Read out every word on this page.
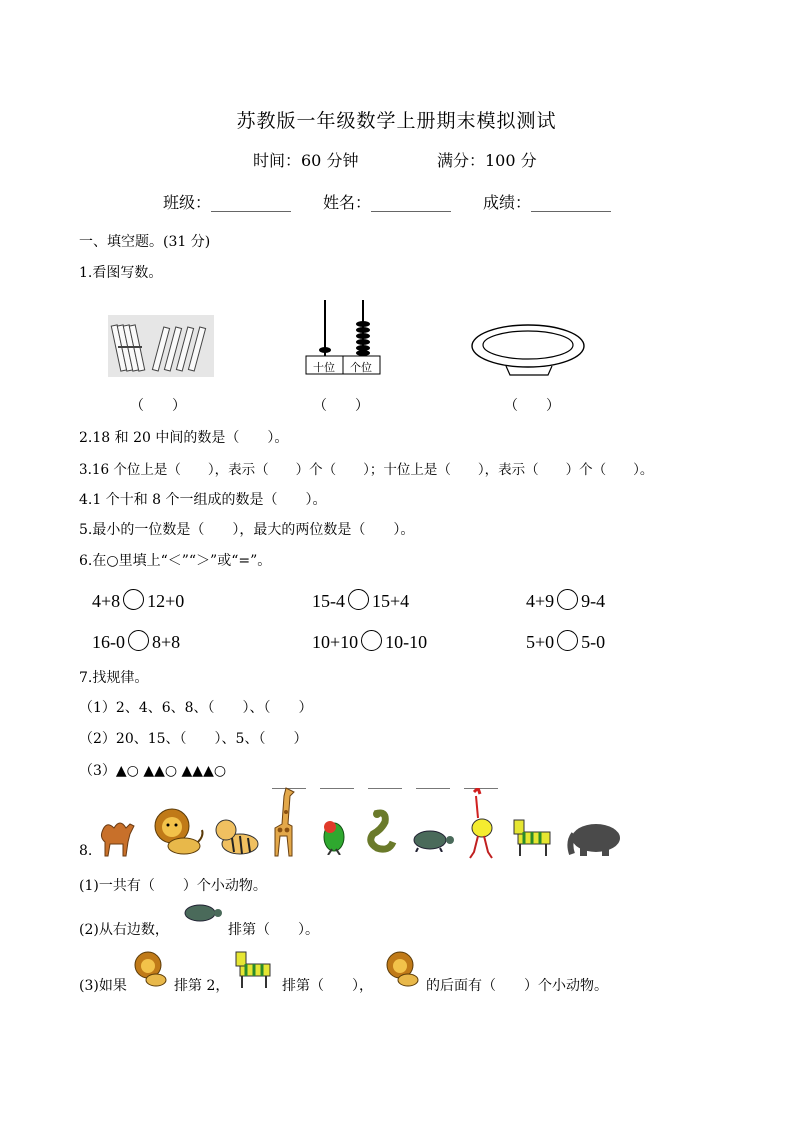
苏教版一年级数学上册期末模拟测试
时间：60 分钟	满分：100 分
班级：__________ 姓名：__________ 成绩：__________
一、填空题。(31 分)
1.看图写数。
十位	个位
（　　）	（　　）	（　　）
2.18 和 20 中间的数是（　　）。
3.16 个位上是（　　），表示（　　）个（　　）；十位上是（　　），表示（　　）个（　　）。
4.1 个十和 8 个一组成的数是（　　）。
5.最小的一位数是（　　），最大的两位数是（　　）。
6.在○里填上“＜”“＞”或“=”。
4+8 12+0	15-4 15+4	4+9 9-4
16-0 8+8	10+10 10-10	5+0 5-0
7.找规律。
（1）2、4、6、8、（　　）、（　　）
（2）20、15、（　　）、5、（　　）
（3）▲○ ▲▲○ ▲▲▲○
8.
(1)一共有（　　）个小动物。
(2)从右边数，	排第（　　）。
(3)如果	排第 2，	排第（　　），	的后面有（　　）个小动物。
